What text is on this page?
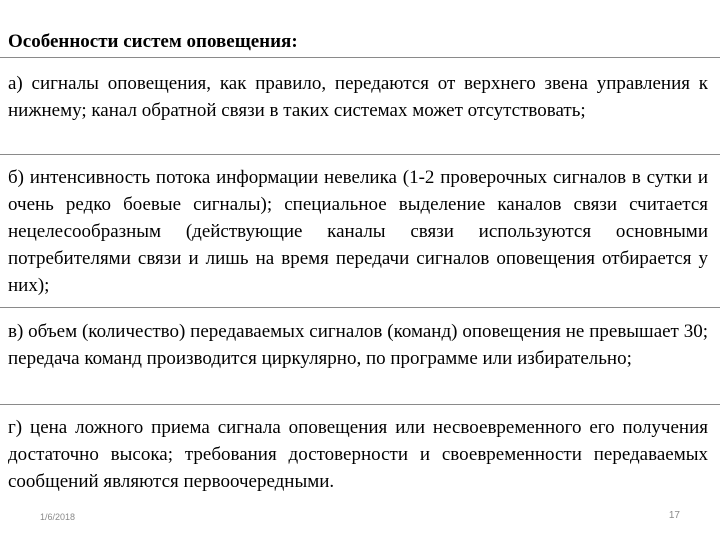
Особенности систем оповещения:
а) сигналы оповещения, как правило, передаются от верхнего звена управления к нижнему; канал обратной связи в таких системах может отсутствовать;
б) интенсивность потока информации невелика (1-2 проверочных сигналов в сутки и очень редко боевые сигналы); специальное выделение каналов связи считается нецелесообразным (действующие каналы связи используются основными потребителями связи и лишь на время передачи сигналов оповещения отбирается у них);
в) объем (количество) передаваемых сигналов (команд) оповещения не превышает 30; передача команд производится циркулярно, по программе или избирательно;
г) цена ложного приема сигнала оповещения или несвоевременного его получения достаточно высока; требования достоверности и своевременности передаваемых сообщений являются первоочередными.
1/6/2018	17
